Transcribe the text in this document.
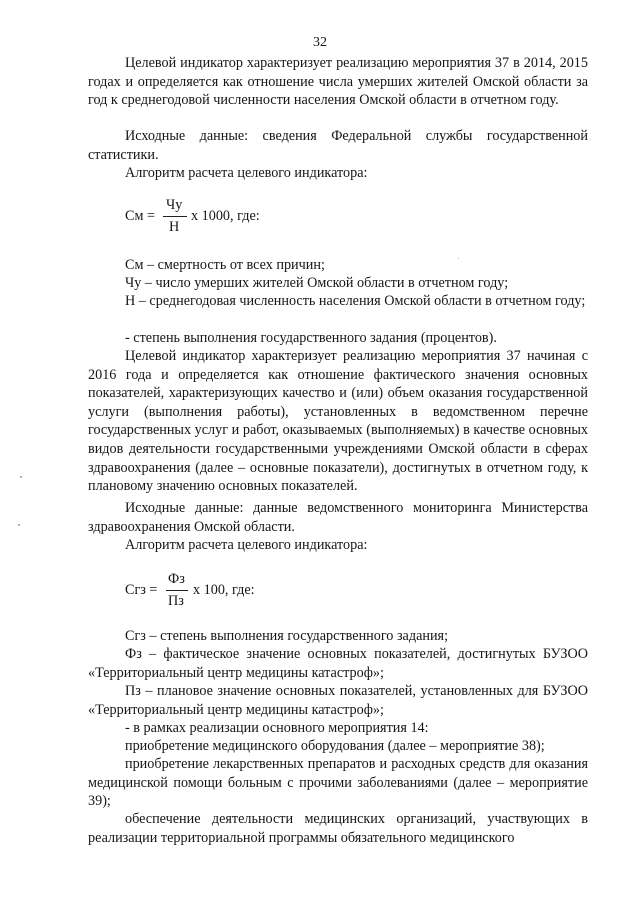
32

Целевой индикатор характеризует реализацию мероприятия 37 в 2014, 2015 годах и определяется как отношение числа умерших жителей Омской области за год к среднегодовой численности населения Омской области в отчетном году.

Исходные данные: сведения Федеральной службы государственной статистики.

Алгоритм расчета целевого индикатора:

См =
Чу
Н
х 1000, где:

См – смертность от всех причин;

Чу – число умерших жителей Омской области в отчетном году;

Н – среднегодовая численность населения Омской области в отчетном году;

- степень выполнения государственного задания (процентов).

Целевой индикатор характеризует реализацию мероприятия 37 начиная с 2016 года и определяется как отношение фактического значения основных показателей, характеризующих качество и (или) объем оказания государственной услуги (выполнения работы), установленных в ведомственном перечне государственных услуг и работ, оказываемых (выполняемых) в качестве основных видов деятельности государственными учреждениями Омской области в сферах здравоохранения (далее – основные показатели), достигнутых в отчетном году, к плановому значению основных показателей.

Исходные данные: данные ведомственного мониторинга Министерства здравоохранения Омской области.

Алгоритм расчета целевого индикатора:

Сгз =
Фз
Пз
х 100, где:

Сгз – степень выполнения государственного задания;

Фз – фактическое значение основных показателей, достигнутых БУЗОО «Территориальный центр медицины катастроф»;

Пз – плановое значение основных показателей, установленных для БУЗОО «Территориальный центр медицины катастроф»;

- в рамках реализации основного мероприятия 14:

приобретение медицинского оборудования (далее – мероприятие 38);

приобретение лекарственных препаратов и расходных средств для оказания медицинской помощи больным с прочими заболеваниями (далее – мероприятие 39);

обеспечение деятельности медицинских организаций, участвующих в реализации территориальной программы обязательного медицинского
